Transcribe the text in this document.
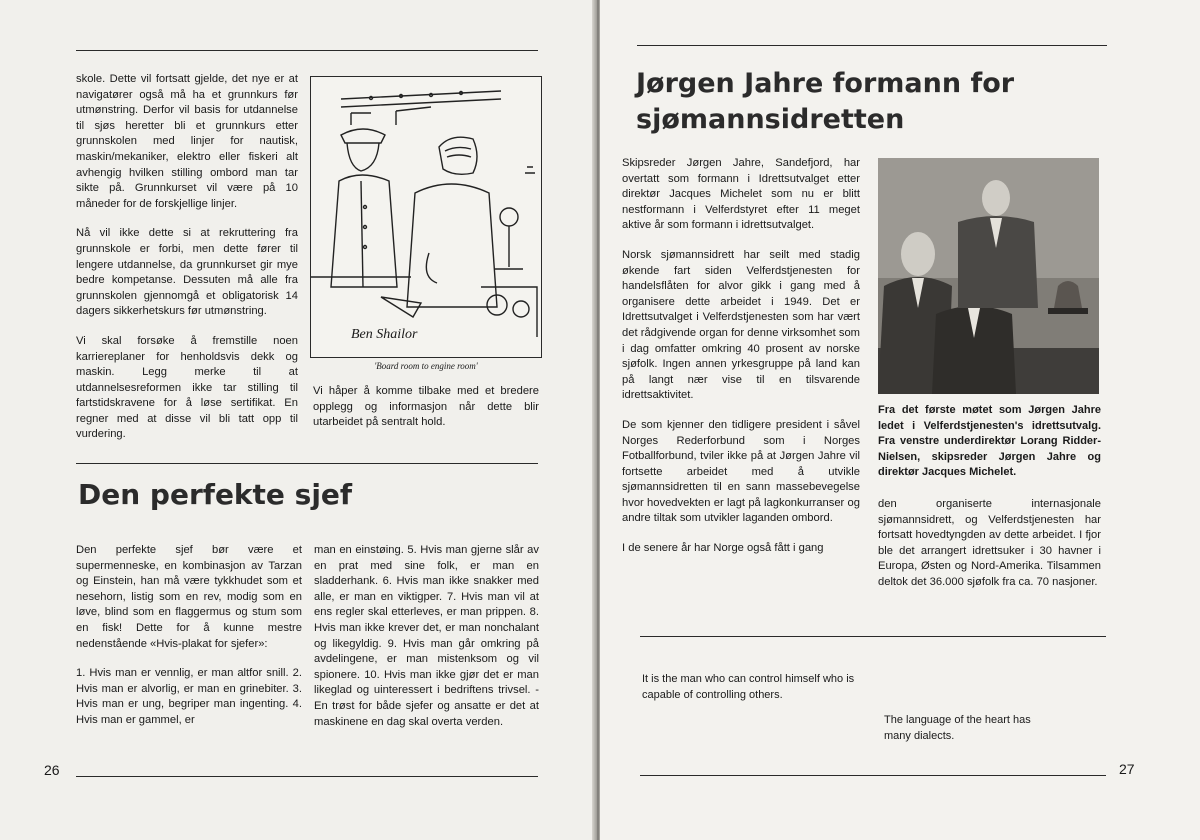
skole. Dette vil fortsatt gjelde, det nye er at navigatører også må ha et grunnkurs før utmønstring. Derfor vil basis for utdannelse til sjøs heretter bli et grunnkurs etter grunnskolen med linjer for nautisk, maskin/mekaniker, elektro eller fiskeri alt avhengig hvilken stilling ombord man tar sikte på. Grunnkurset vil være på 10 måneder for de forskjellige linjer.

Nå vil ikke dette si at rekruttering fra grunnskole er forbi, men dette fører til lengere utdannelse, da grunnkurset gir mye bedre kompetanse. Dessuten må alle fra grunnskolen gjennomgå et obligatorisk 14 dagers sikkerhetskurs før utmønstring.

Vi skal forsøke å fremstille noen karriereplaner for henholdsvis dekk og maskin. Legg merke til at utdannelsesreformen ikke tar stilling til fartstidskravene for å løse sertifikat. En regner med at disse vil bli tatt opp til vurdering.

Ben Shailor
'Board room to engine room'

Vi håper å komme tilbake med et bredere opplegg og informasjon når dette blir utarbeidet på sentralt hold.

Den perfekte sjef

Den perfekte sjef bør være et supermenneske, en kombinasjon av Tarzan og Einstein, han må være tykkhudet som et nesehorn, listig som en rev, modig som en løve, blind som en flaggermus og stum som en fisk! Dette for å kunne mestre nedenstående «Hvis-plakat for sjefer»:

1. Hvis man er vennlig, er man altfor snill. 2. Hvis man er alvorlig, er man en grinebiter. 3. Hvis man er ung, begriper man ingenting. 4. Hvis man er gammel, er

man en einstøing. 5. Hvis man gjerne slår av en prat med sine folk, er man en sladderhank. 6. Hvis man ikke snakker med alle, er man en viktigper. 7. Hvis man vil at ens regler skal etterleves, er man prippen. 8. Hvis man ikke krever det, er man nonchalant og likegyldig. 9. Hvis man går omkring på avdelingene, er man mistenksom og vil spionere. 10. Hvis man ikke gjør det er man likeglad og uinteressert i bedriftens trivsel. - En trøst for både sjefer og ansatte er det at maskinene en dag skal overta verden.

26
Jørgen Jahre formann for
sjømannsidretten

Skipsreder Jørgen Jahre, Sandefjord, har overtatt som formann i Idrettsutvalget etter direktør Jacques Michelet som nu er blitt nestformann i Velferdstyret efter 11 meget aktive år som formann i idrettsutvalget.

Norsk sjømannsidrett har seilt med stadig økende fart siden Velferdstjenesten for handelsflåten for alvor gikk i gang med å organisere dette arbeidet i 1949. Det er Idrettsutvalget i Velferdstjenesten som har vært det rådgivende organ for denne virksomhet som i dag omfatter omkring 40 prosent av norske sjøfolk. Ingen annen yrkesgruppe på land kan på langt nær vise til en tilsvarende idrettsaktivitet.

De som kjenner den tidligere president i såvel Norges Rederforbund som i Norges Fotballforbund, tviler ikke på at Jørgen Jahre vil fortsette arbeidet med å utvikle sjømannsidretten til en sann massebevegelse hvor hovedvekten er lagt på lagkonkurranser og andre tiltak som utvikler laganden ombord.

I de senere år har Norge også fått i gang

Fra det første møtet som Jørgen Jahre ledet i Velferdstjenesten's idrettsutvalg. Fra venstre underdirektør Lorang Ridder-Nielsen, skipsreder Jørgen Jahre og direktør Jacques Michelet.

den organiserte internasjonale sjømannsidrett, og Velferdstjenesten har fortsatt hovedtyngden av dette arbeidet. I fjor ble det arrangert idrettsuker i 30 havner i Europa, Østen og Nord-Amerika. Tilsammen deltok det 36.000 sjøfolk fra ca. 70 nasjoner.

It is the man who can control himself who is capable of controlling others.

The language of the heart has many dialects.

27
